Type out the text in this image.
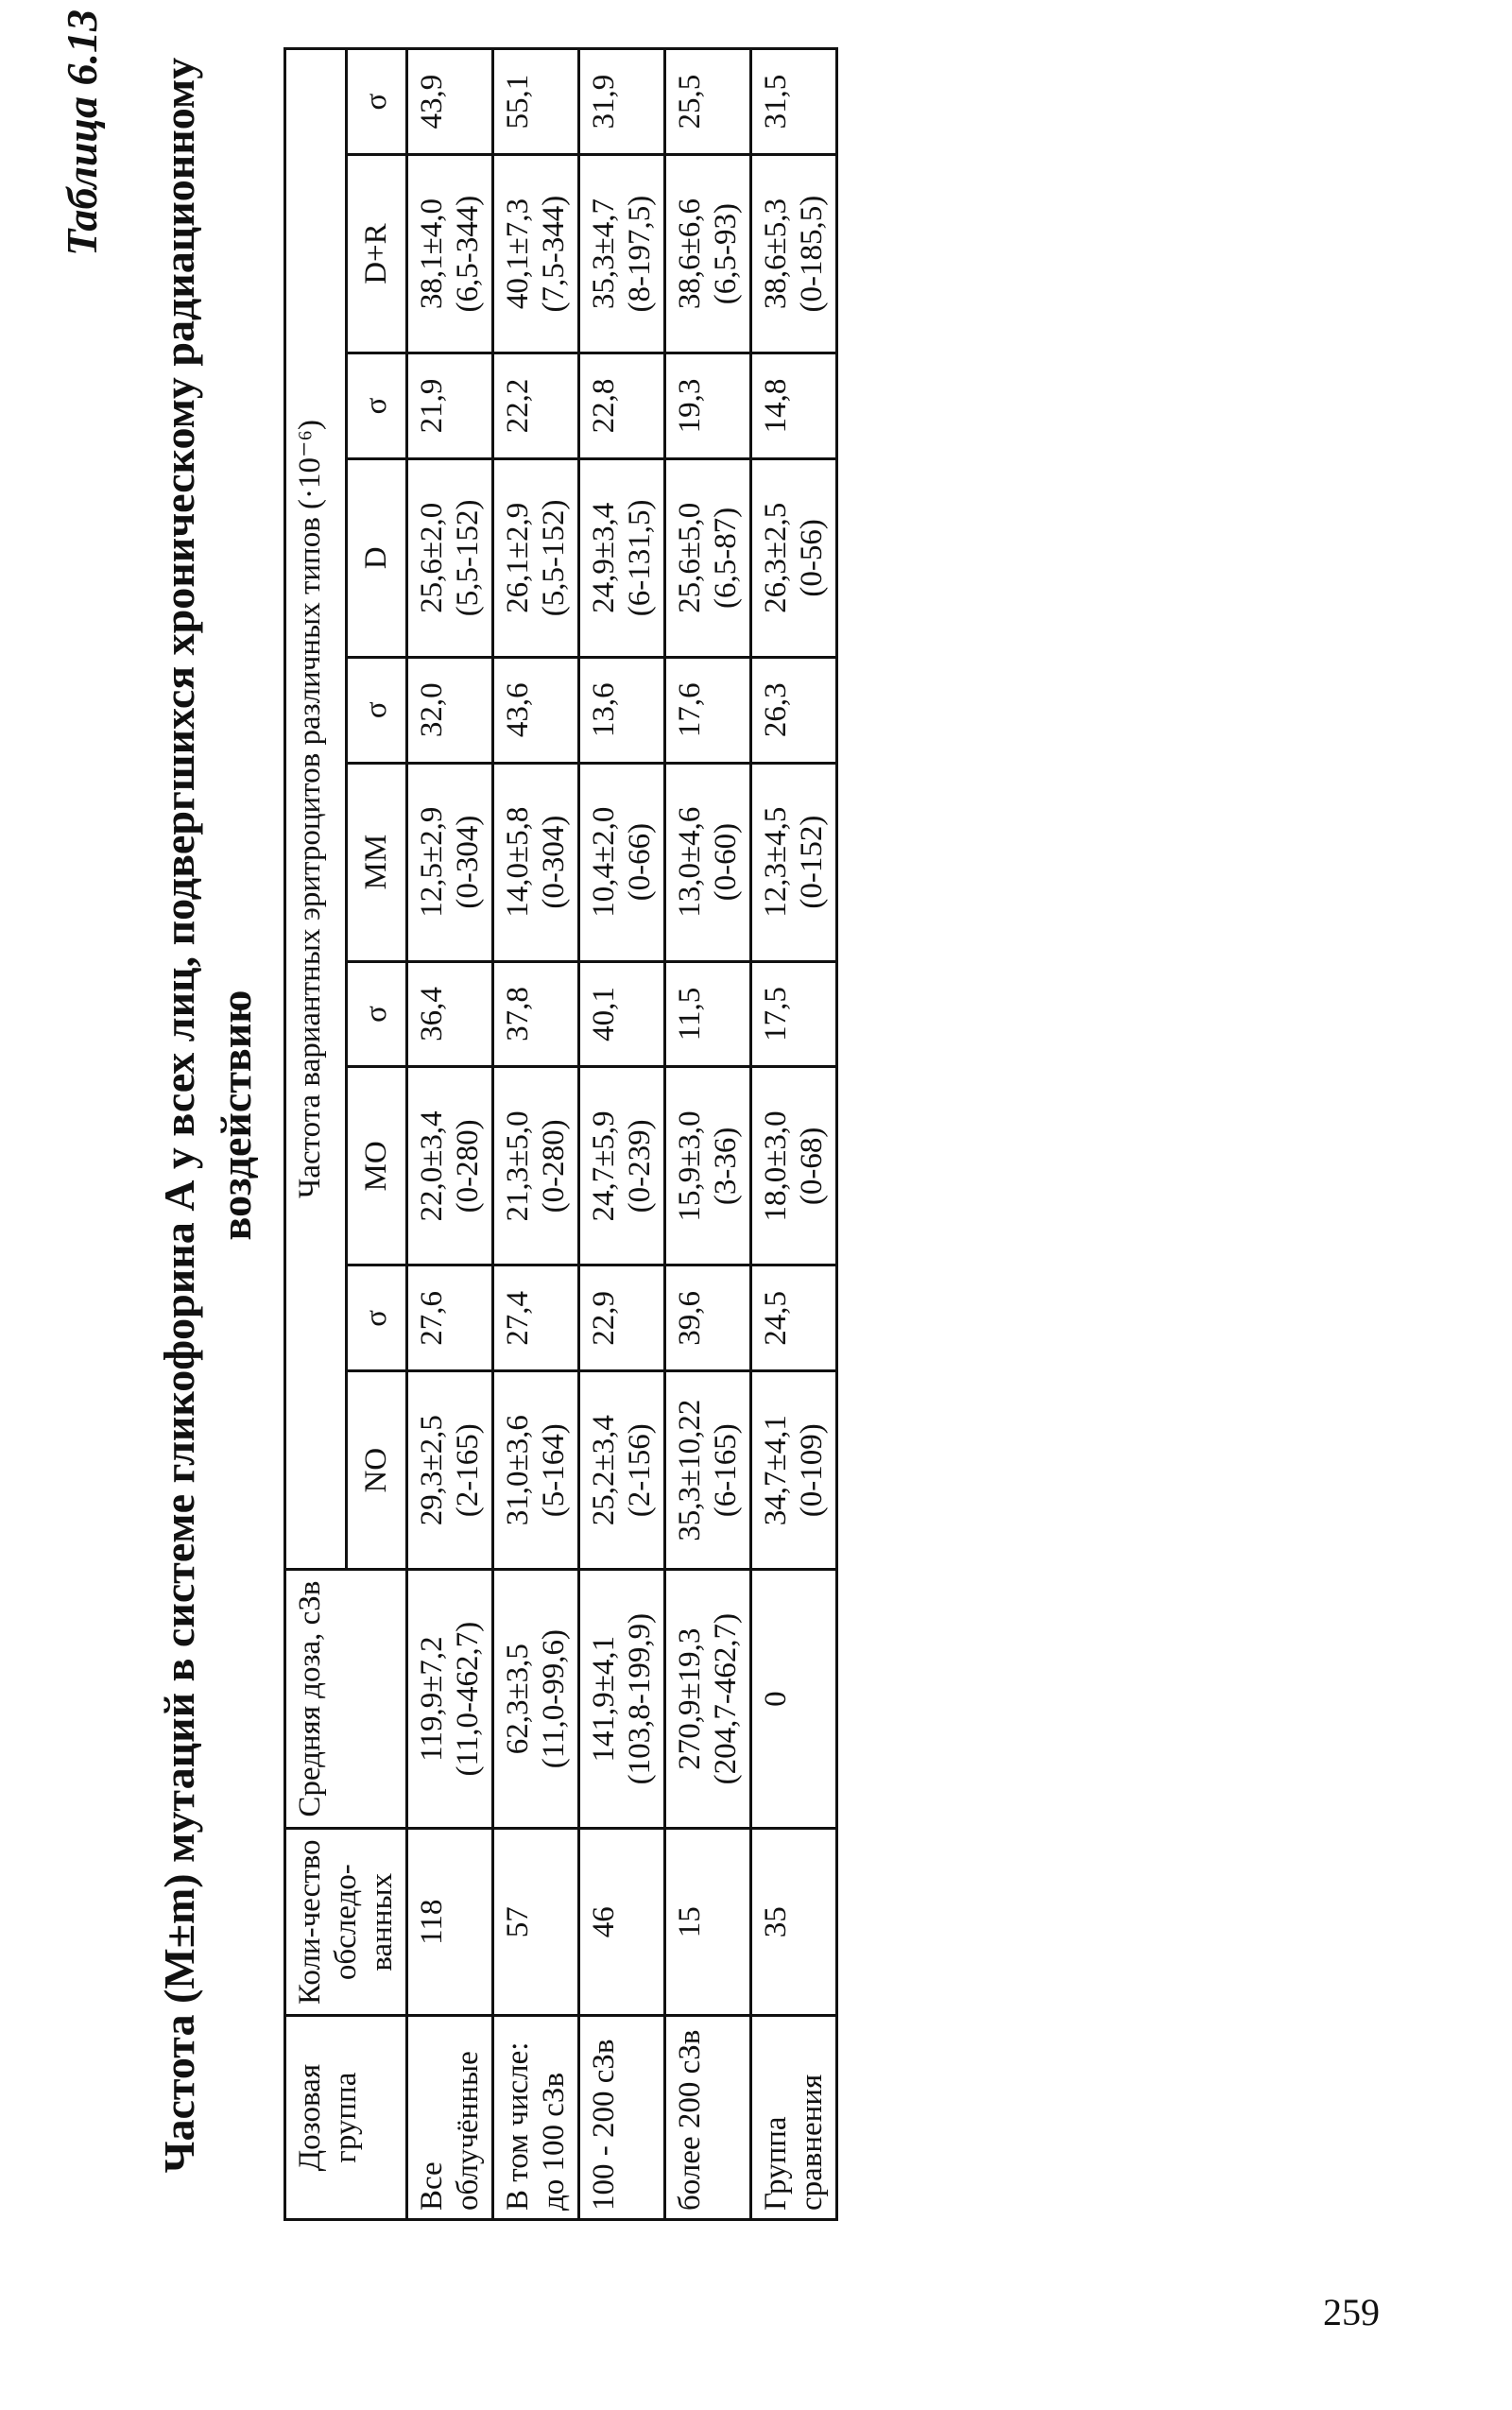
Таблица 6.13 Частота (M±m) мутаций в системе гликофорина А у всех лиц, подвергшихся хроническому радиационному воздействию
Дозовая группа	Коли-чество обследо-ванных	Средняя доза, сЗв	Частота вариантных эритроцитов различных типов (·10⁻⁶)									
			NO	σ	MO	σ	MM	σ	D	σ	D+R	σ
Все облучённые	118	119,9±7,2 (11,0-462,7)	29,3±2,5 (2-165)	27,6	22,0±3,4 (0-280)	36,4	12,5±2,9 (0-304)	32,0	25,6±2,0 (5,5-152)	21,9	38,1±4,0 (6,5-344)	43,9
В том числе: до 100 сЗв	57	62,3±3,5 (11,0-99,6)	31,0±3,6 (5-164)	27,4	21,3±5,0 (0-280)	37,8	14,0±5,8 (0-304)	43,6	26,1±2,9 (5,5-152)	22,2	40,1±7,3 (7,5-344)	55,1
100 - 200 сЗв	46	141,9±4,1 (103,8-199,9)	25,2±3,4 (2-156)	22,9	24,7±5,9 (0-239)	40,1	10,4±2,0 (0-66)	13,6	24,9±3,4 (6-131,5)	22,8	35,3±4,7 (8-197,5)	31,9
более 200 сЗв	15	270,9±19,3 (204,7-462,7)	35,3±10,22 (6-165)	39,6	15,9±3,0 (3-36)	11,5	13,0±4,6 (0-60)	17,6	25,6±5,0 (6,5-87)	19,3	38,6±6,6 (6,5-93)	25,5
Группа сравнения	35	0	34,7±4,1 (0-109)	24,5	18,0±3,0 (0-68)	17,5	12,3±4,5 (0-152)	26,3	26,3±2,5 (0-56)	14,8	38,6±5,3 (0-185,5)	31,5
259
